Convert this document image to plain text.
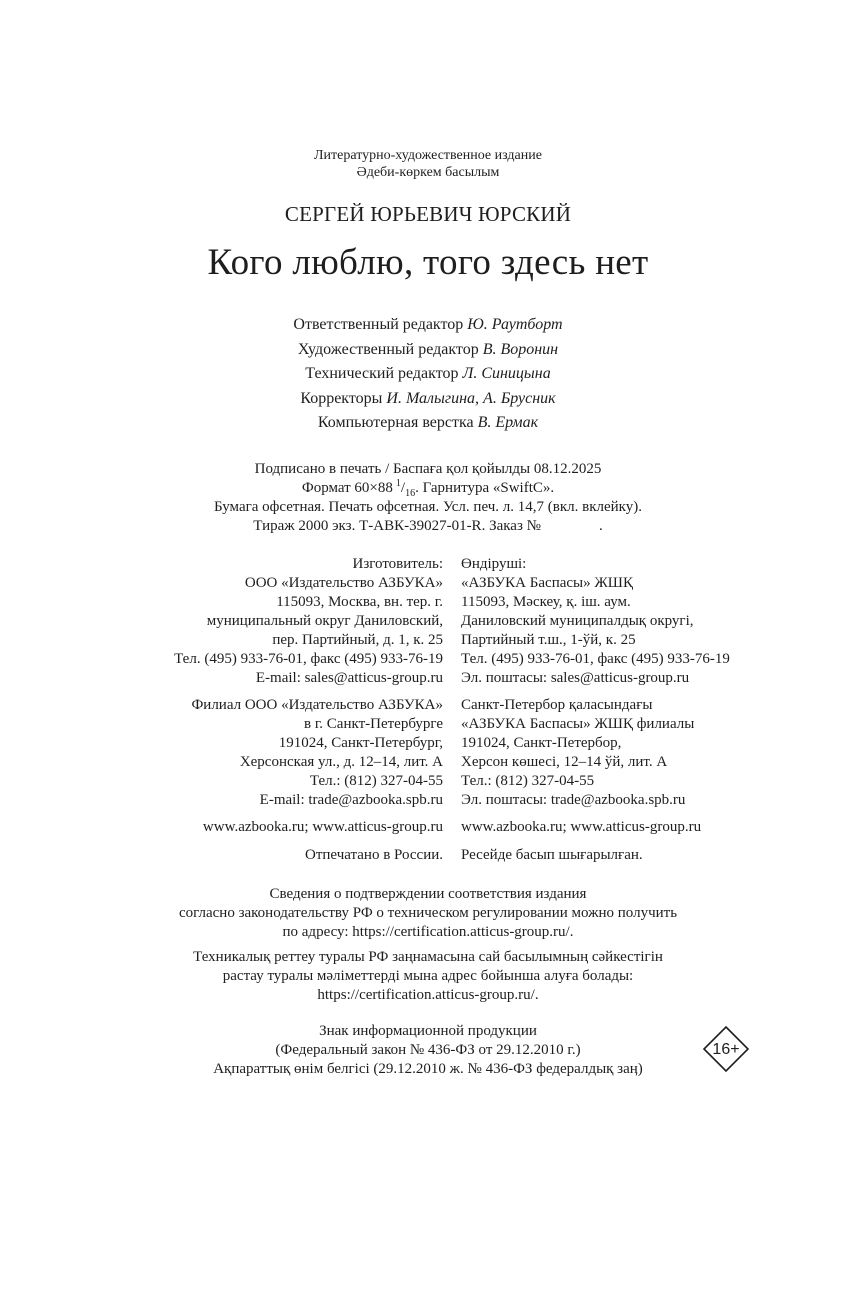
Литературно-художественное издание
Әдеби-көркем басылым
СЕРГЕЙ ЮРЬЕВИЧ ЮРСКИЙ
Кого люблю, того здесь нет
Ответственный редактор Ю. Раутборт
Художественный редактор В. Воронин
Технический редактор Л. Синицына
Корректоры И. Малыгина, А. Брусник
Компьютерная верстка В. Ермак
Подписано в печать / Баспаға қол қойылды 08.12.2025
Формат 60×88  $^1/_{16}$. Гарнитура «SwiftC».
Бумага офсетная. Печать офсетная. Усл. печ. л. 14,7 (вкл. вклейку).
Тираж 2000 экз. Т-АВК-39027-01-R. Заказ №	.
Изготовитель:
ООО «Издательство АЗБУКА»
115093, Москва, вн. тер. г.
муниципальный округ Даниловский,
пер. Партийный, д. 1, к. 25
Тел. (495) 933-76-01, факс (495) 933-76-19
E-mail: sales@atticus-group.ru
Өндіруші:
«АЗБУКА Баспасы» ЖШҚ
115093, Мәскеу, қ. іш. аум.
Даниловский муниципалдық округі,
Партийный т.ш., 1-ўй, к. 25
Тел. (495) 933-76-01, факс (495) 933-76-19
Эл. поштасы: sales@atticus-group.ru
Филиал ООО «Издательство АЗБУКА»
в г. Санкт-Петербурге
191024, Санкт-Петербург,
Херсонская ул., д. 12–14, лит. А
Тел.: (812) 327-04-55
E-mail: trade@azbooka.spb.ru
Санкт-Петербор қаласындағы
«АЗБУКА Баспасы» ЖШҚ филиалы
191024, Санкт-Петербор,
Херсон көшесі, 12–14 ўй, лит. А
Тел.: (812) 327-04-55
Эл. поштасы: trade@azbooka.spb.ru
www.azbooka.ru; www.atticus-group.ru www.azbooka.ru; www.atticus-group.ru
Отпечатано в России. Ресейде басып шығарылған.
Сведения о подтверждении соответствия издания
согласно законодательству РФ о техническом регулировании можно получить
по адресу: https://certification.atticus-group.ru/.
Техникалық реттеу туралы РФ заңнамасына сай басылымның сәйкестігін
растау туралы мәліметтерді мына адрес бойынша алуға болады:
https://certification.atticus-group.ru/.
Знак информационной продукции
(Федеральный закон № 436-ФЗ от 29.12.2010 г.)
Ақпараттық өнім белгісі (29.12.2010 ж. № 436-ФЗ федералдық заӊ)
16+
